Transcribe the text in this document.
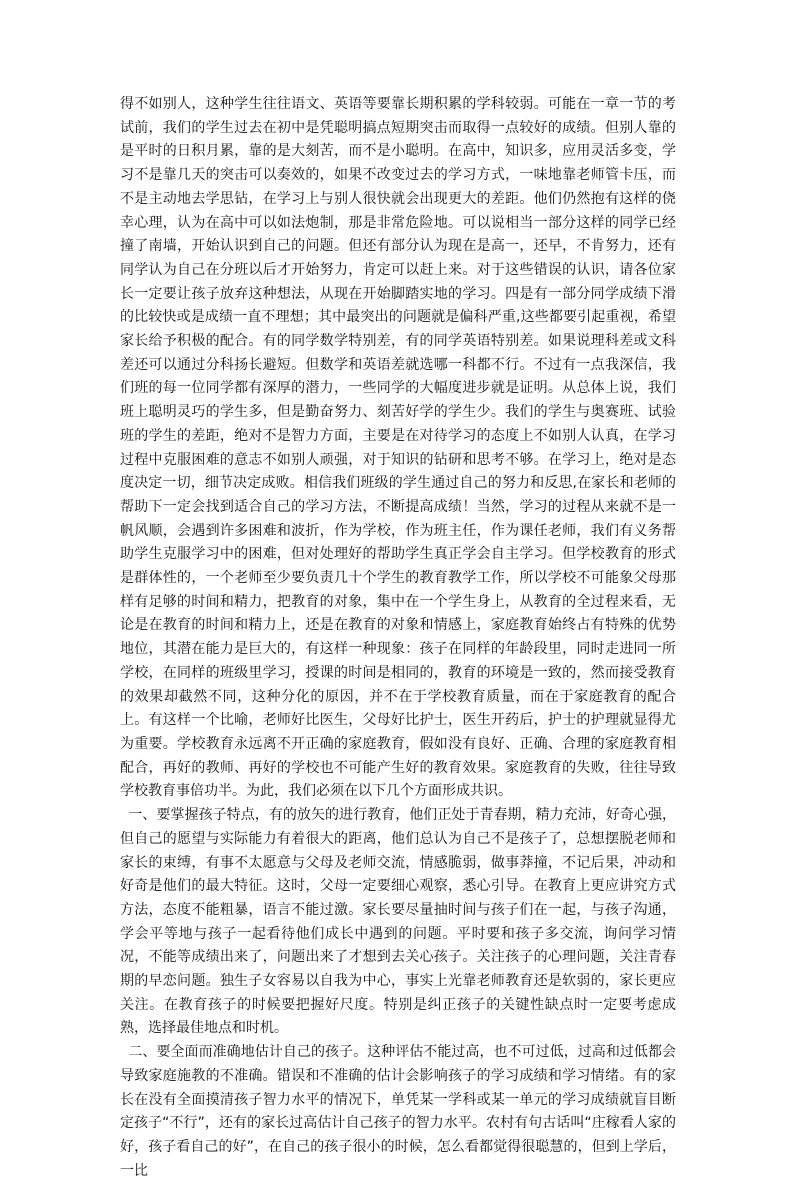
得不如别人，这种学生往往语文、英语等要靠长期积累的学科较弱。可能在一章一节的考试前，我们的学生过去在初中是凭聪明搞点短期突击而取得一点较好的成绩。但别人靠的是平时的日积月累，靠的是大刻苦，而不是小聪明。在高中，知识多，应用灵活多变，学习不是靠几天的突击可以奏效的，如果不改变过去的学习方式，一味地靠老师管卡压，而不是主动地去学思钻，在学习上与别人很快就会出现更大的差距。他们仍然抱有这样的侥幸心理，认为在高中可以如法炮制，那是非常危险地。可以说相当一部分这样的同学已经撞了南墙，开始认识到自己的问题。但还有部分认为现在是高一，还早，不肯努力，还有同学认为自己在分班以后才开始努力，肯定可以赶上来。对于这些错误的认识，请各位家长一定要让孩子放弃这种想法，从现在开始脚踏实地的学习。四是有一部分同学成绩下滑的比较快或是成绩一直不理想；其中最突出的问题就是偏科严重,这些都要引起重视，希望家长给予积极的配合。有的同学数学特别差，有的同学英语特别差。如果说理科差或文科差还可以通过分科扬长避短。但数学和英语差就选哪一科都不行。不过有一点我深信，我们班的每一位同学都有深厚的潜力，一些同学的大幅度进步就是证明。从总体上说，我们班上聪明灵巧的学生多，但是勤奋努力、刻苦好学的学生少。我们的学生与奥赛班、试验班的学生的差距，绝对不是智力方面，主要是在对待学习的态度上不如别人认真，在学习过程中克服困难的意志不如别人顽强，对于知识的钻研和思考不够。在学习上，绝对是态度决定一切，细节决定成败。相信我们班级的学生通过自己的努力和反思,在家长和老师的帮助下一定会找到适合自己的学习方法，不断提高成绩！当然，学习的过程从来就不是一帆风顺，会遇到许多困难和波折，作为学校，作为班主任，作为课任老师，我们有义务帮助学生克服学习中的困难，但对处理好的帮助学生真正学会自主学习。但学校教育的形式是群体性的，一个老师至少要负责几十个学生的教育教学工作，所以学校不可能象父母那样有足够的时间和精力，把教育的对象，集中在一个学生身上，从教育的全过程来看，无论是在教育的时间和精力上，还是在教育的对象和情感上，家庭教育始终占有特殊的优势地位，其潜在能力是巨大的，有这样一种现象：孩子在同样的年龄段里，同时走进同一所学校，在同样的班级里学习，授课的时间是相同的，教育的环境是一致的，然而接受教育的效果却截然不同，这种分化的原因，并不在于学校教育质量，而在于家庭教育的配合上。有这样一个比喻，老师好比医生，父母好比护士，医生开药后，护士的护理就显得尤为重要。学校教育永远离不开正确的家庭教育，假如没有良好、正确、合理的家庭教育相配合，再好的教师、再好的学校也不可能产生好的教育效果。家庭教育的失败，往往导致学校教育事倍功半。为此，我们必须在以下几个方面形成共识。

一、要掌握孩子特点，有的放矢的进行教育，他们正处于青春期，精力充沛，好奇心强，但自己的愿望与实际能力有着很大的距离，他们总认为自己不是孩子了，总想摆脱老师和家长的束缚，有事不太愿意与父母及老师交流，情感脆弱，做事莽撞，不记后果，冲动和好奇是他们的最大特征。这时，父母一定要细心观察，悉心引导。在教育上更应讲究方式方法，态度不能粗暴，语言不能过激。家长要尽量抽时间与孩子们在一起，与孩子沟通，学会平等地与孩子一起看待他们成长中遇到的问题。平时要和孩子多交流，询问学习情况，不能等成绩出来了，问题出来了才想到去关心孩子。关注孩子的心理问题，关注青春期的早恋问题。独生子女容易以自我为中心，事实上光靠老师教育还是软弱的，家长更应关注。在教育孩子的时候要把握好尺度。特别是纠正孩子的关键性缺点时一定要考虑成熟，选择最佳地点和时机。

二、要全面而准确地估计自己的孩子。这种评估不能过高，也不可过低，过高和过低都会导致家庭施教的不准确。错误和不准确的估计会影响孩子的学习成绩和学习情绪。有的家长在没有全面摸清孩子智力水平的情况下，单凭某一学科或某一单元的学习成绩就盲目断定孩子“不行”，还有的家长过高估计自己孩子的智力水平。农村有句古话叫“庄稼看人家的好，孩子看自己的好”，在自己的孩子很小的时候，怎么看都觉得很聪慧的，但到上学后，一比
